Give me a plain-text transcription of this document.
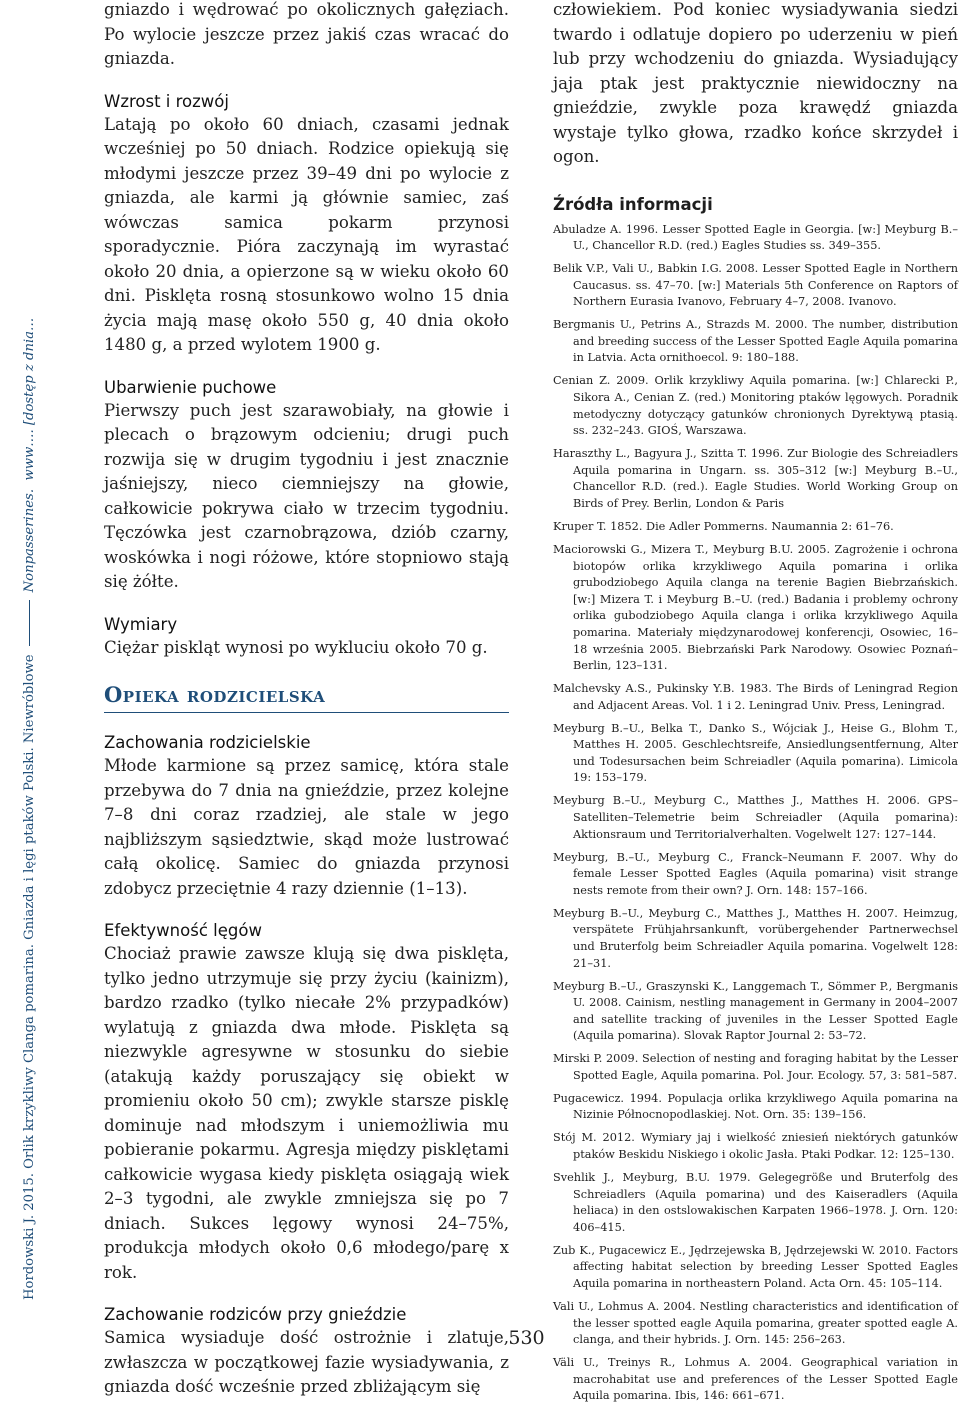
Hordowski J. 2015. Orlik krzykliwy Clanga pomarina. Gniazda i lęgi ptaków Polski. NiewróbloweNonpasserines.  www…. [dostęp z dnia…

gniazdo i wędrować po okolicznych gałęziach. Po wylocie jeszcze przez jakiś czas wracać do gniazda.

Wzrost i rozwój

Latają po około 60 dniach, czasami jednak wcześniej po 50 dniach. Rodzice opiekują się młodymi jeszcze przez 39–49 dni po wylocie z gniazda, ale karmi ją głównie samiec, zaś wówczas samica pokarm przynosi sporadycznie. Pióra zaczynają im wyrastać około 20 dnia, a opierzone są w wieku około 60 dni. Pisklęta rosną stosunkowo wolno 15 dnia życia mają masę około 550 g, 40 dnia około 1480 g, a przed wylotem 1900 g.

Ubarwienie puchowe

Pierwszy puch jest szarawobiały, na głowie i plecach o brązowym odcieniu; drugi puch rozwija się w drugim tygodniu i jest znacznie jaśniejszy, nieco ciemniejszy na głowie, całkowicie pokrywa ciało w trzecim tygodniu. Tęczówka jest czarnobrązowa, dziób czarny, woskówka i nogi różowe, które stopniowo stają się żółte.

Wymiary

Ciężar piskląt wynosi po wykluciu około 70 g.

Opieka rodzicielska
Zachowania rodzicielskie

Młode karmione są przez samicę, która stale przebywa do 7 dnia na gnieździe, przez kolejne 7–8 dni coraz rzadziej, ale stale w jego najbliższym sąsiedztwie, skąd może lustrować całą okolicę. Samiec do gniazda przynosi zdobycz przeciętnie 4 razy dziennie (1–13).

Efektywność lęgów

Chociaż prawie zawsze klują się dwa pisklęta, tylko jedno utrzymuje się przy życiu (kainizm), bardzo rzadko (tylko niecałe 2% przypadków) wylatują z gniazda dwa młode. Pisklęta są niezwykle agresywne w stosunku do siebie (atakują każdy poruszający się obiekt w promieniu około 50 cm); zwykle starsze pisklę dominuje nad młodszym i uniemożliwia mu pobieranie pokarmu. Agresja między pisklętami całkowicie wygasa kiedy pisklęta osiągają wiek 2–3 tygodni, ale zwykle zmniejsza się po 7 dniach. Sukces lęgowy wynosi 24–75%, produkcja młodych około 0,6 młodego/parę x rok.

Zachowanie rodziców przy gnieździe

Samica wysiaduje dość ostrożnie i zlatuje, zwłaszcza w początkowej fazie wysiadywania, z gniazda dość wcześnie przed zbliżającym się

człowiekiem. Pod koniec wysiadywania siedzi twardo i odlatuje dopiero po uderzeniu w pień lub przy wchodzeniu do gniazda. Wysiadujący jaja ptak jest praktycznie niewidoczny na gnieździe, zwykle poza krawędź gniazda wystaje tylko głowa, rzadko końce skrzydeł i ogon.

Źródła informacji

Abuladze A. 1996. Lesser Spotted Eagle in Georgia. [w:] Meyburg B.–U., Chancellor R.D. (red.) Eagles Studies ss. 349–355.

Belik V.P., Vali U., Babkin I.G. 2008. Lesser Spotted Eagle in Northern Caucasus. ss. 47–70. [w:] Materials 5th Conference on Raptors of Northern Eurasia Ivanovo, February 4–7, 2008. Ivanovo.

Bergmanis U., Petrins A., Strazds M. 2000. The number, distribution and breeding success of the Lesser Spotted Eagle Aquila pomarina in Latvia. Acta ornithoecol. 9: 180–188.

Cenian Z. 2009. Orlik krzykliwy Aquila pomarina. [w:] Chlarecki P., Sikora A., Cenian Z. (red.) Monitoring ptaków lęgowych. Poradnik metodyczny dotyczący gatunków chronionych Dyrektywą ptasią. ss. 232–243. GIOŚ, Warszawa.

Haraszthy L., Bagyura J., Szitta T. 1996. Zur Biologie des Schreiadlers Aquila pomarina in Ungarn. ss. 305–312 [w:] Meyburg B.–U., Chancellor R.D. (red.). Eagle Studies. World Working Group on Birds of Prey. Berlin, London & Paris

Kruper T. 1852. Die Adler Pommerns. Naumannia 2: 61–76.

Maciorowski G., Mizera T., Meyburg B.U. 2005. Zagrożenie i ochrona biotopów orlika krzykliwego Aquila pomarina i orlika grubodziobego Aquila clanga na terenie Bagien Biebrzańskich. [w:] Mizera T. i Meyburg B.–U. (red.) Badania i problemy ochrony orlika gubodziobego Aquila clanga i orlika krzykliwego Aquila pomarina. Materiały międzynarodowej konferencji, Osowiec, 16–18 września 2005. Biebrzański Park Narodowy. Osowiec Poznań–Berlin, 123–131.

Malchevsky A.S., Pukinsky Y.B. 1983. The Birds of Leningrad Region and Adjacent Areas. Vol. 1 i 2. Leningrad Univ. Press, Leningrad.

Meyburg B.–U., Belka T., Danko S., Wójciak J., Heise G., Blohm T., Matthes H. 2005. Geschlechtsreife, Ansiedlungsentfernung, Alter und Todesursachen beim Schreiadler (Aquila pomarina). Limicola 19: 153–179.

Meyburg B.–U., Meyburg C., Matthes J., Matthes H. 2006. GPS–Satelliten–Telemetrie beim Schreiadler (Aquila pomarina): Aktionsraum und Territorialverhalten. Vogelwelt 127: 127–144.

Meyburg, B.–U., Meyburg C., Franck–Neumann F. 2007. Why do female Lesser Spotted Eagles (Aquila pomarina) visit strange nests remote from their own? J. Orn. 148: 157–166.

Meyburg B.–U., Meyburg C., Matthes J., Matthes H. 2007. Heimzug, verspätete Frühjahrsankunft, vorübergehender Partnerwechsel und Bruterfolg beim Schreiadler Aquila pomarina. Vogelwelt 128: 21–31.

Meyburg B.–U., Graszynski K., Langgemach T., Sömmer P., Bergmanis U. 2008. Cainism, nestling management in Germany in 2004–2007 and satellite tracking of juveniles in the Lesser Spotted Eagle (Aquila pomarina). Slovak Raptor Journal 2: 53–72.

Mirski P. 2009. Selection of nesting and foraging habitat by the Lesser Spotted Eagle, Aquila pomarina. Pol. Jour. Ecology. 57, 3: 581–587.

Pugacewicz. 1994. Populacja orlika krzykliwego Aquila pomarina na Nizinie Północnopodlaskiej. Not. Orn. 35: 139–156.

Stój M. 2012. Wymiary jaj i wielkość zniesień niektórych gatunków ptaków Beskidu Niskiego i okolic Jasła. Ptaki Podkar. 12: 125–130.

Svehlik J., Meyburg, B.U. 1979. Gelegegröße und Bruterfolg des Schreiadlers (Aquila pomarina) und des Kaiseradlers (Aquila heliaca) in den ostslowakischen Karpaten 1966–1978. J. Orn. 120: 406–415.

Zub K., Pugacewicz E., Jędrzejewska B, Jędrzejewski W. 2010. Factors affecting habitat selection by breeding Lesser Spotted Eagles Aquila pomarina in northeastern Poland. Acta Orn. 45: 105–114.

Vali U., Lohmus A. 2004. Nestling characteristics and identification of the lesser spotted eagle Aquila pomarina, greater spotted eagle A. clanga, and their hybrids. J. Orn. 145: 256–263.

Väli U., Treinys R., Lohmus A. 2004. Geographical variation in macrohabitat use and preferences of the Lesser Spotted Eagle Aquila pomarina. Ibis, 146: 661–671.

530
